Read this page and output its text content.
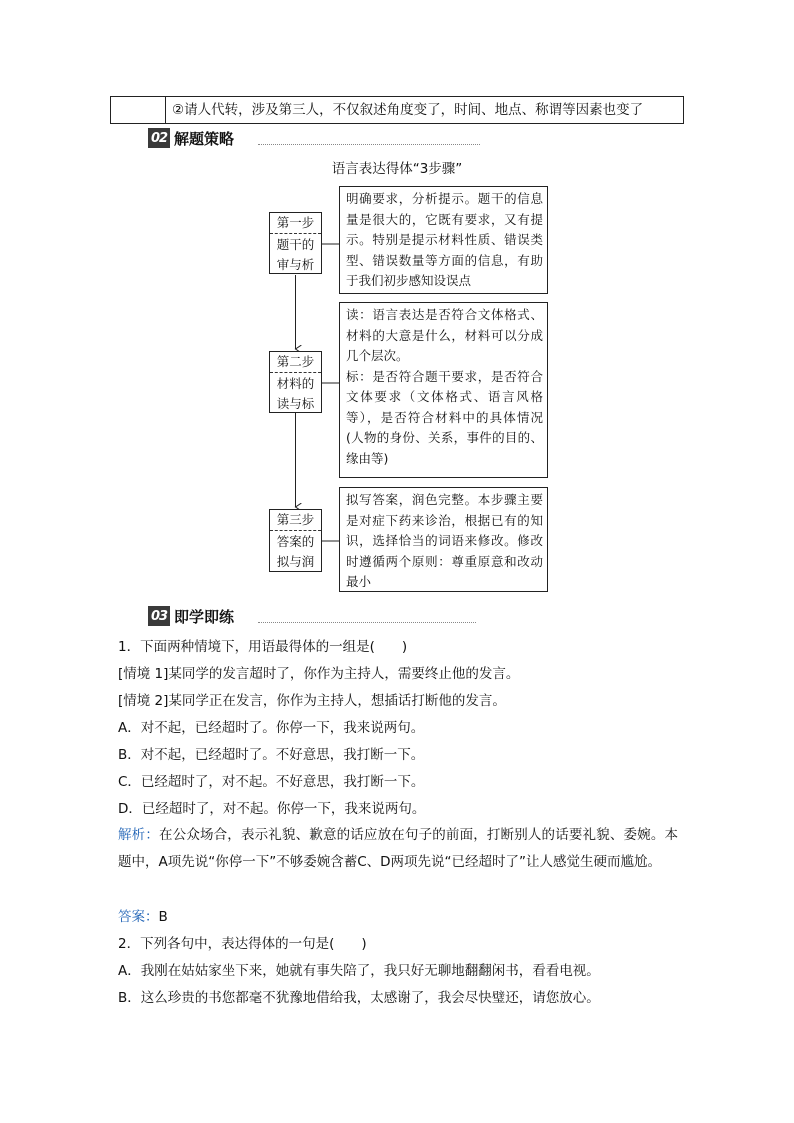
②请人代转，涉及第三人，不仅叙述角度变了，时间、地点、称谓等因素也变了
02 解题策略
语言表达得体“3步骤”
第一步
题干的
审与析

明确要求，分析提示。题干的信息量是很大的，它既有要求，又有提示。特别是提示材料性质、错误类型、错误数量等方面的信息，有助于我们初步感知设误点

第二步
材料的
读与标

读：语言表达是否符合文体格式、材料的大意是什么，材料可以分成几个层次。

标：是否符合题干要求，是否符合文体要求（文体格式、语言风格等），是否符合材料中的具体情况(人物的身份、关系，事件的目的、缘由等)

第三步
答案的
拟与润

拟写答案，润色完整。本步骤主要是对症下药来诊治，根据已有的知识，选择恰当的词语来修改。修改时遵循两个原则：尊重原意和改动最小

03 即学即练
1．下面两种情境下，用语最得体的一组是(　　)
[情境 1]某同学的发言超时了，你作为主持人，需要终止他的发言。
[情境 2]某同学正在发言，你作为主持人，想插话打断他的发言。
A．对不起，已经超时了。你停一下，我来说两句。
B．对不起，已经超时了。不好意思，我打断一下。
C．已经超时了，对不起。不好意思，我打断一下。
D．已经超时了，对不起。你停一下，我来说两句。
解析：在公众场合，表示礼貌、歉意的话应放在句子的前面，打断别人的话要礼貌、委婉。本题中，A项先说“你停一下”不够委婉含蓄C、D两项先说“已经超时了”让人感觉生硬而尴尬。
答案：B
2．下列各句中，表达得体的一句是(　　)
A．我刚在姑姑家坐下来，她就有事失陪了，我只好无聊地翻翻闲书，看看电视。
B．这么珍贵的书您都毫不犹豫地借给我，太感谢了，我会尽快璧还，请您放心。
